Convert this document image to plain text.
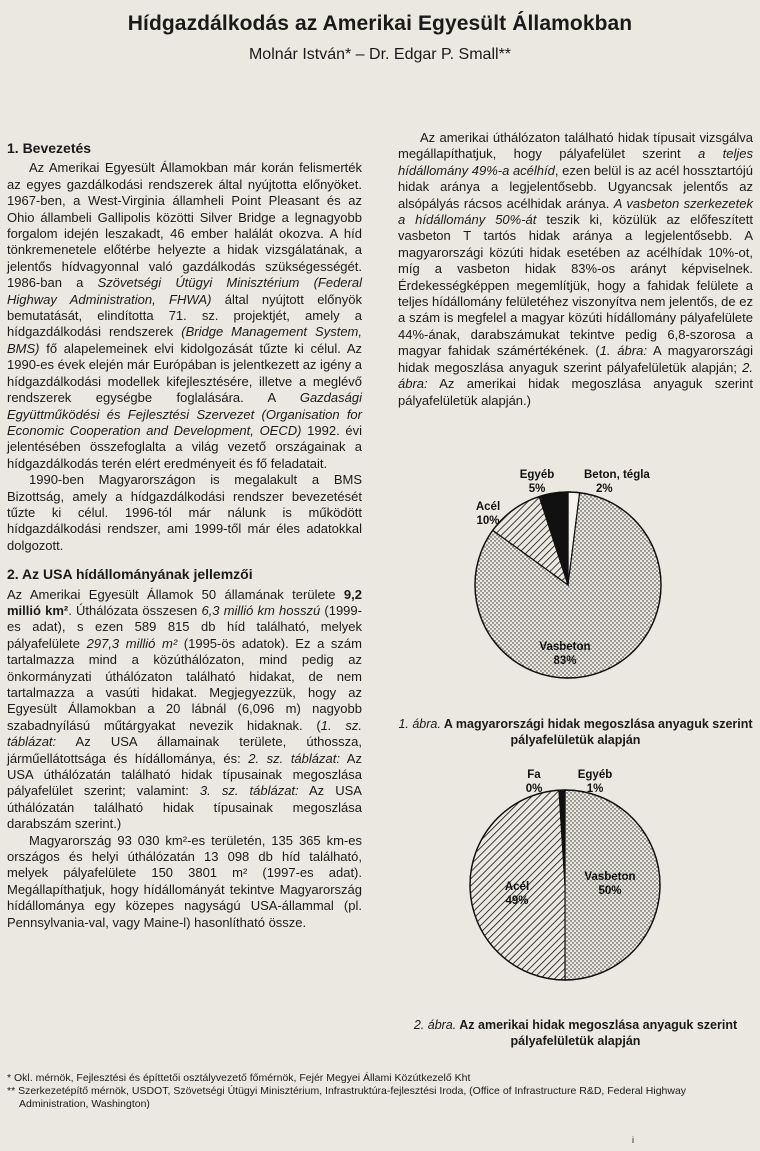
Hídgazdálkodás az Amerikai Egyesült Államokban
Molnár István* – Dr. Edgar P. Small**
1. Bevezetés

Az Amerikai Egyesült Államokban már korán felismerték az egyes gazdálkodási rendszerek által nyújtotta előnyöket. 1967-ben, a West-Virginia államheli Point Pleasant és az Ohio állambeli Gallipolis közötti Silver Bridge a legnagyobb forgalom idején leszakadt, 46 ember halálát okozva. A híd tönkremenetele előtérbe helyezte a hidak vizsgálatának, a jelentős hídvagyonnal való gazdálkodás szükségességét. 1986-ban a Szövetségi Útügyi Minisztérium (Federal Highway Administration, FHWA) által nyújtott előnyök bemutatását, elindította 71. sz. projektjét, amely a hídgazdálkodási rendszerek (Bridge Management System, BMS) fő alapelemeinek elvi kidolgozását tűzte ki célul. Az 1990-es évek elején már Európában is jelentkezett az igény a hídgazdálkodási modellek kifejlesztésére, illetve a meglévő rendszerek egységbe foglalására. A Gazdasági Együttműködési és Fejlesztési Szervezet (Organisation for Economic Cooperation and Development, OECD) 1992. évi jelentésében összefoglalta a világ vezető országainak a hídgazdálkodás terén elért eredményeit és fő feladatait.

1990-ben Magyarországon is megalakult a BMS Bizottság, amely a hídgazdálkodási rendszer bevezetését tűzte ki célul. 1996-tól már nálunk is működött hídgazdálkodási rendszer, ami 1999-től már éles adatokkal dolgozott.

2. Az USA hídállományának jellemzői

Az Amerikai Egyesült Államok 50 államának területe 9,2 millió km². Úthálózata összesen 6,3 millió km hosszú (1999-es adat), s ezen 589 815 db híd található, melyek pályafelülete 297,3 millió m² (1995-ös adatok). Ez a szám tartalmazza mind a közúthálózaton, mind pedig az önkormányzati úthálózaton található hidakat, de nem tartalmazza a vasúti hidakat. Megjegyezzük, hogy az Egyesült Államokban a 20 lábnál (6,096 m) nagyobb szabadnyílású műtárgyakat nevezik hidaknak. (1. sz. táblázat: Az USA államainak területe, úthossza, járműellátottsága és hídállománya, és: 2. sz. táblázat: Az USA úthálózatán található hidak típusainak megoszlása pályafelület szerint; valamint: 3. sz. táblázat: Az USA úthálózatán található hidak típusainak megoszlása darabszám szerint.)

Magyarország 93 030 km²-es területén, 135 365 km-es országos és helyi úthálózatán 13 098 db híd található, melyek pályafelülete 150 3801 m² (1997-es adat). Megállapíthatjuk, hogy hídállományát tekintve Magyarország hídállománya egy közepes nagyságú USA-állammal (pl. Pennsylvania-val, vagy Maine-l) hasonlítható össze.

Az amerikai úthálózaton található hidak típusait vizsgálva megállapíthatjuk, hogy pályafelület szerint a teljes hídállomány 49%-a acélhíd, ezen belül is az acél hossztartójú hidak aránya a legjelentősebb. Ugyancsak jelentős az alsópályás rácsos acélhidak aránya. A vasbeton szerkezetek a hídállomány 50%-át teszik ki, közülük az előfeszített vasbeton T tartós hidak aránya a legjelentősebb. A magyarországi közúti hidak esetében az acélhídak 10%-ot, míg a vasbeton hidak 83%-os arányt képviselnek. Érdekességképpen megemlítjük, hogy a fahidak felülete a teljes hídállomány felületéhez viszonyítva nem jelentős, de ez a szám is megfelel a magyar közúti hídállomány pályafelülete 44%-ának, darabszámukat tekintve pedig 6,8-szorosa a magyar fahidak számértékének. (1. ábra: A magyarországi hidak megoszlása anyaguk szerint pályafelületük alapján; 2. ábra: Az amerikai hidak megoszlása anyaguk szerint pályafelületük alapján.)

Vasbeton
83%
Acél
10%
Egyéb
5%
Beton, tégla
2%
1. ábra. A magyarországi hidak megoszlása anyaguk szerint pályafelületük alapján
Vasbeton
50%
Acél
49%
Egyéb
1%
Fa
0%
2. ábra. Az amerikai hidak megoszlása anyaguk szerint pályafelületük alapján
* Okl. mérnök, Fejlesztési és építtetői osztályvezető főmérnök, Fejér Megyei Állami Közútkezelő Kht
** Szerkezetépítő mérnök, USDOT, Szövetségi Útügyi Minisztérium, Infrastruktúra-fejlesztési Iroda, (Office of Infrastructure R&D, Federal Highway Administration, Washington)
i
